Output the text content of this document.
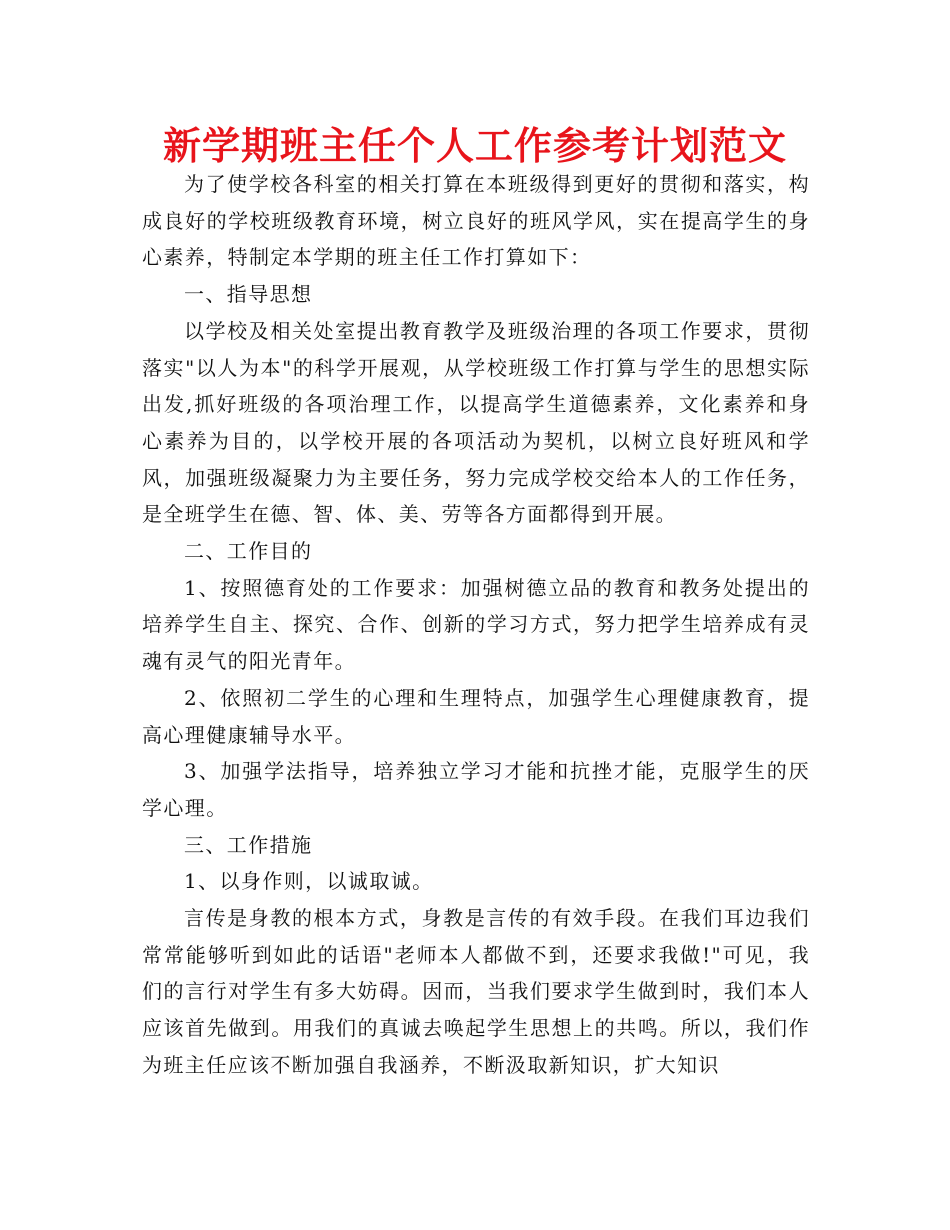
新学期班主任个人工作参考计划范文

为了使学校各科室的相关打算在本班级得到更好的贯彻和落实，构成良好的学校班级教育环境，树立良好的班风学风，实在提高学生的身心素养，特制定本学期的班主任工作打算如下：

一、指导思想

以学校及相关处室提出教育教学及班级治理的各项工作要求，贯彻落实"以人为本"的科学开展观，从学校班级工作打算与学生的思想实际出发,抓好班级的各项治理工作，以提高学生道德素养，文化素养和身心素养为目的，以学校开展的各项活动为契机，以树立良好班风和学风，加强班级凝聚力为主要任务，努力完成学校交给本人的工作任务，是全班学生在德、智、体、美、劳等各方面都得到开展。

二、工作目的

1、按照德育处的工作要求：加强树德立品的教育和教务处提出的培养学生自主、探究、合作、创新的学习方式，努力把学生培养成有灵魂有灵气的阳光青年。

2、依照初二学生的心理和生理特点，加强学生心理健康教育，提高心理健康辅导水平。

3、加强学法指导，培养独立学习才能和抗挫才能，克服学生的厌学心理。

三、工作措施

1、以身作则，以诚取诚。

言传是身教的根本方式，身教是言传的有效手段。在我们耳边我们常常能够听到如此的话语"老师本人都做不到，还要求我做!"可见，我们的言行对学生有多大妨碍。因而，当我们要求学生做到时，我们本人应该首先做到。用我们的真诚去唤起学生思想上的共鸣。所以，我们作为班主任应该不断加强自我涵养，不断汲取新知识，扩大知识
